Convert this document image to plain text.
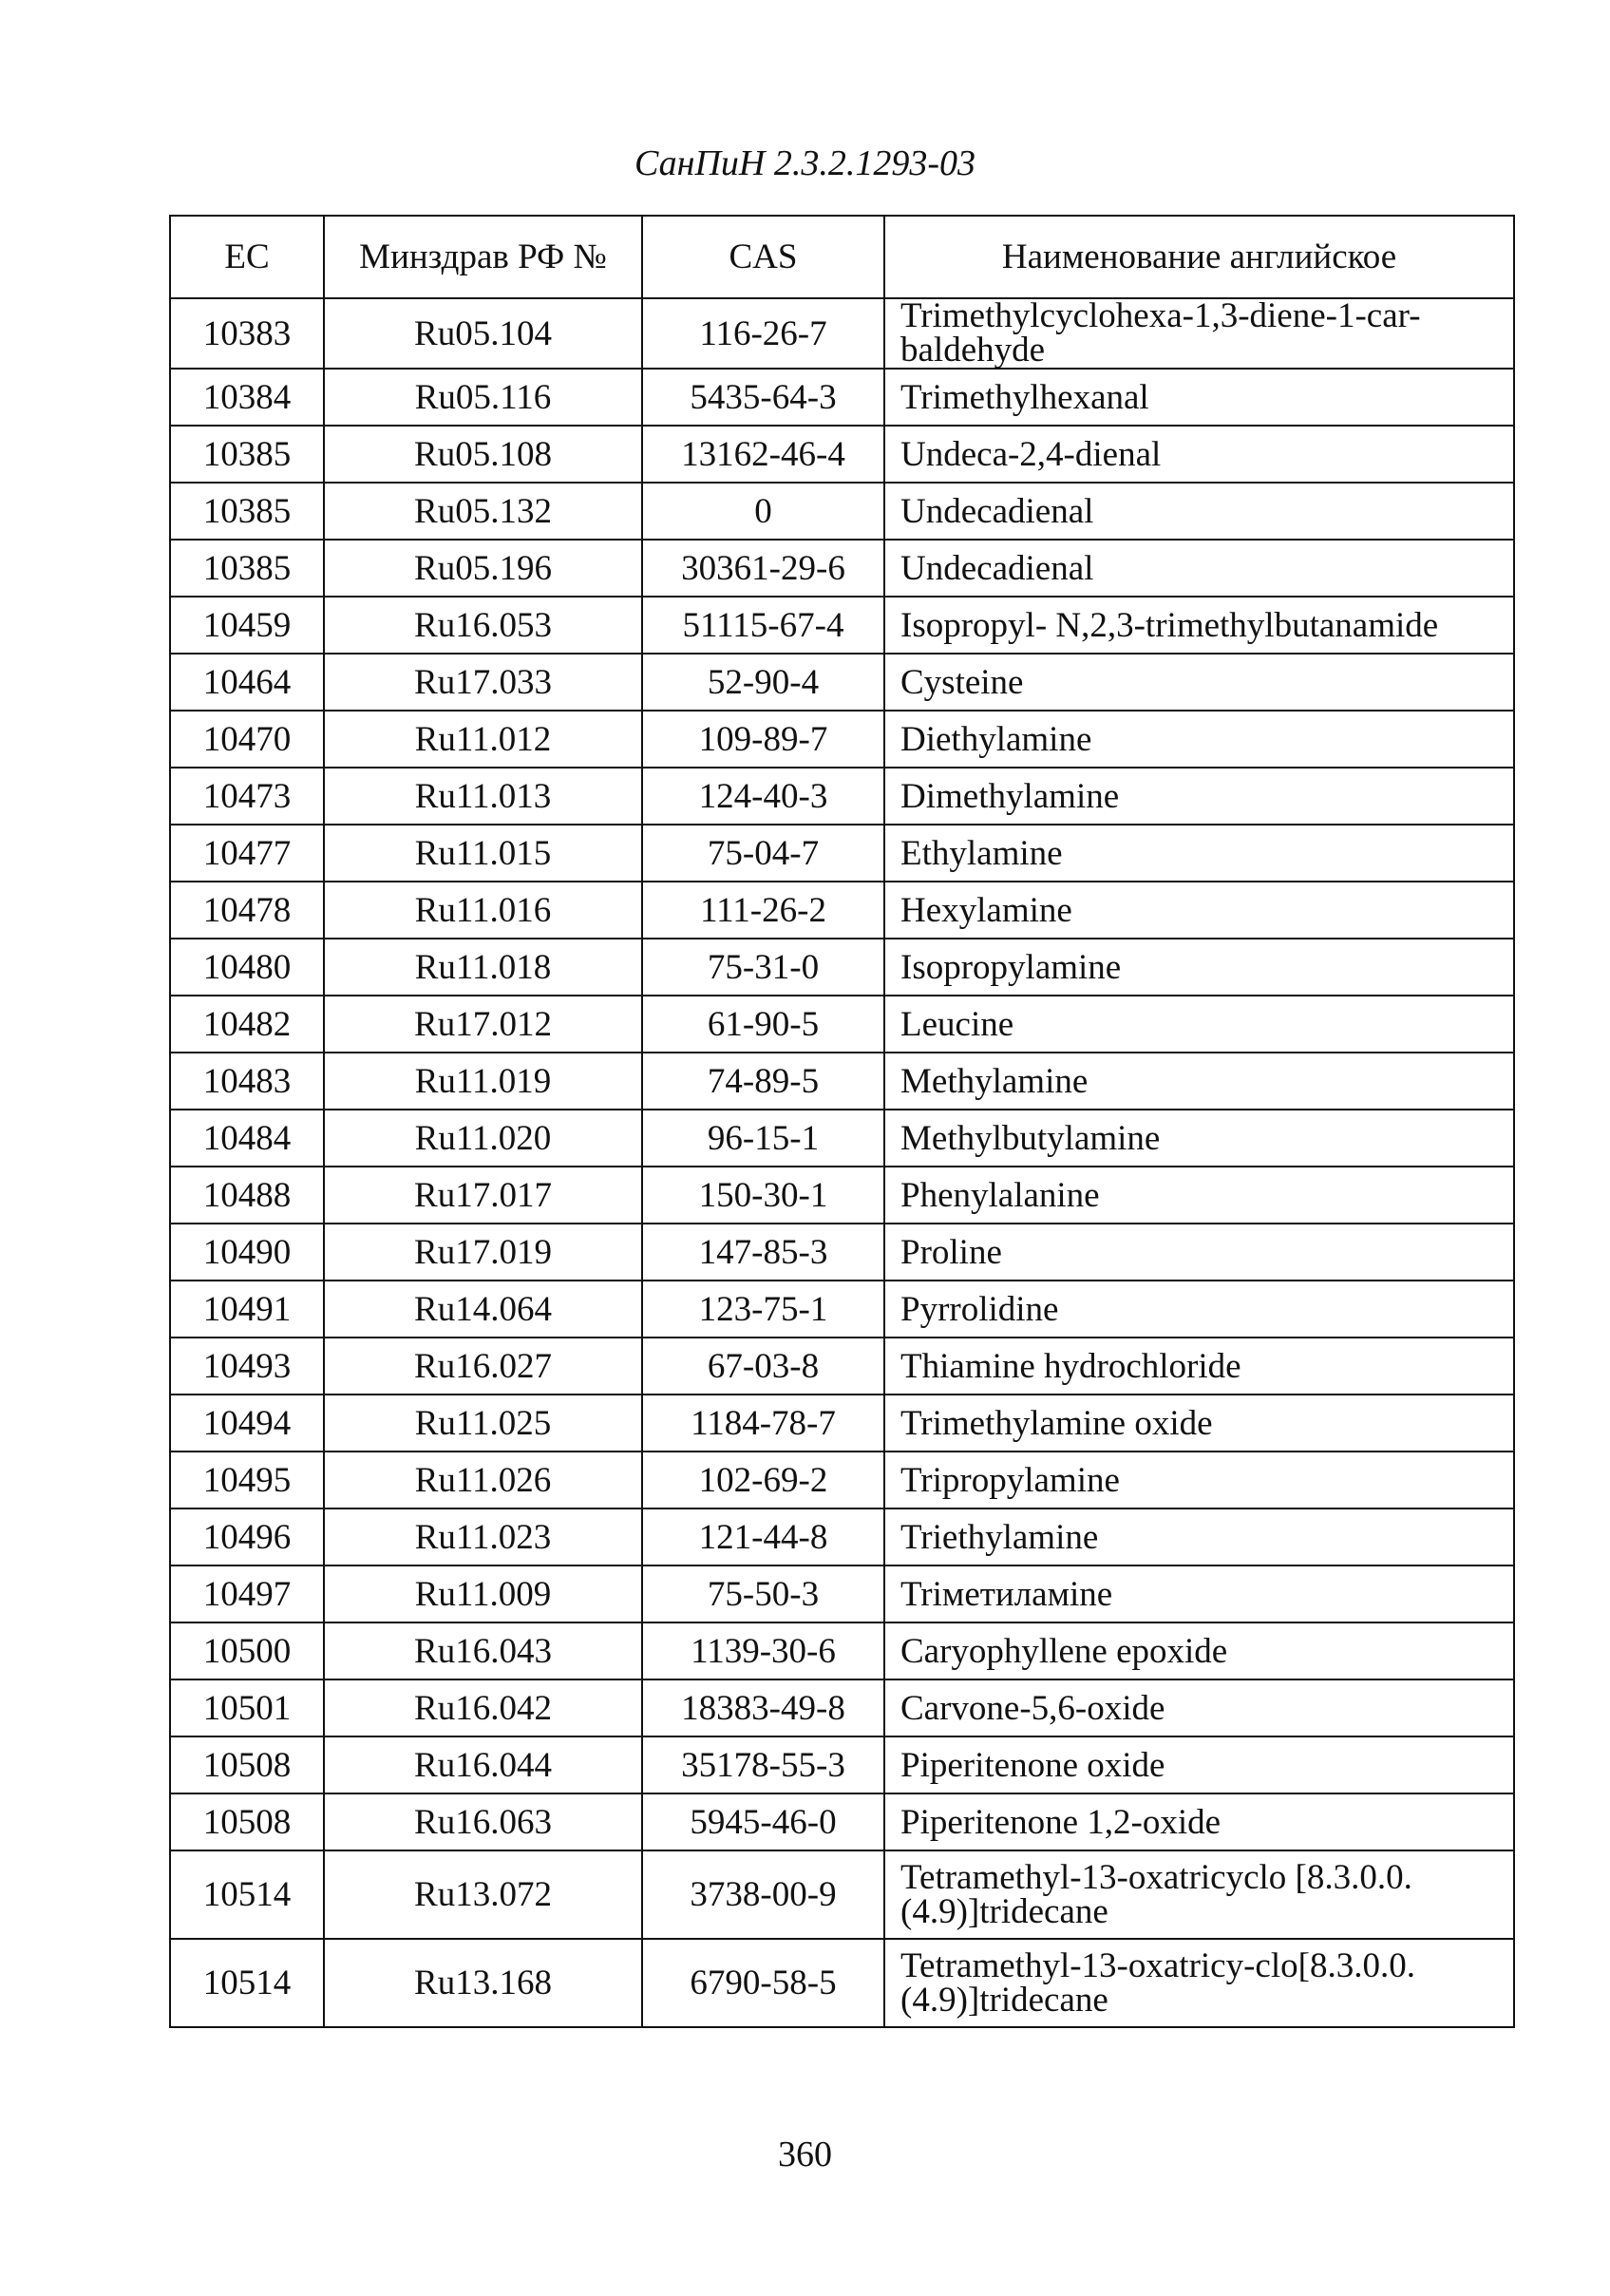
СанПиН 2.3.2.1293-03
ЕС	Минздрав РФ №	CAS	Наименование английское
10383	Ru05.104	116-26-7	Trimethylcyclohexa-1,3-diene-1-car-baldehyde

10384	Ru05.116	5435-64-3	Trimethylhexanal
10385	Ru05.108	13162-46-4	Undeca-2,4-dienal
10385	Ru05.132	0	Undecadienal
10385	Ru05.196	30361-29-6	Undecadienal
10459	Ru16.053	51115-67-4	Isopropyl- N,2,3-trimethylbutanamide
10464	Ru17.033	52-90-4	Cysteine
10470	Ru11.012	109-89-7	Diethylamine
10473	Ru11.013	124-40-3	Dimethylamine
10477	Ru11.015	75-04-7	Ethylamine
10478	Ru11.016	111-26-2	Hexylamine
10480	Ru11.018	75-31-0	Isopropylamine
10482	Ru17.012	61-90-5	Leucine
10483	Ru11.019	74-89-5	Methylamine
10484	Ru11.020	96-15-1	Methylbutylamine
10488	Ru17.017	150-30-1	Phenylalanine
10490	Ru17.019	147-85-3	Proline
10491	Ru14.064	123-75-1	Pyrrolidine
10493	Ru16.027	67-03-8	Thiamine hydrochloride
10494	Ru11.025	1184-78-7	Trimethylamine oxide
10495	Ru11.026	102-69-2	Tripropylamine
10496	Ru11.023	121-44-8	Triethylamine
10497	Ru11.009	75-50-3	Triметиламine
10500	Ru16.043	1139-30-6	Caryophyllene epoxide
10501	Ru16.042	18383-49-8	Carvone-5,6-oxide
10508	Ru16.044	35178-55-3	Piperitenone oxide
10508	Ru16.063	5945-46-0	Piperitenone 1,2-oxide
10514	Ru13.072	3738-00-9	Tetramethyl-13-oxatricyclo [8.3.0.0.(4.9)]tridecane

10514	Ru13.168	6790-58-5	Tetramethyl-13-oxatricy-clo[8.3.0.0.(4.9)]tridecane
360
